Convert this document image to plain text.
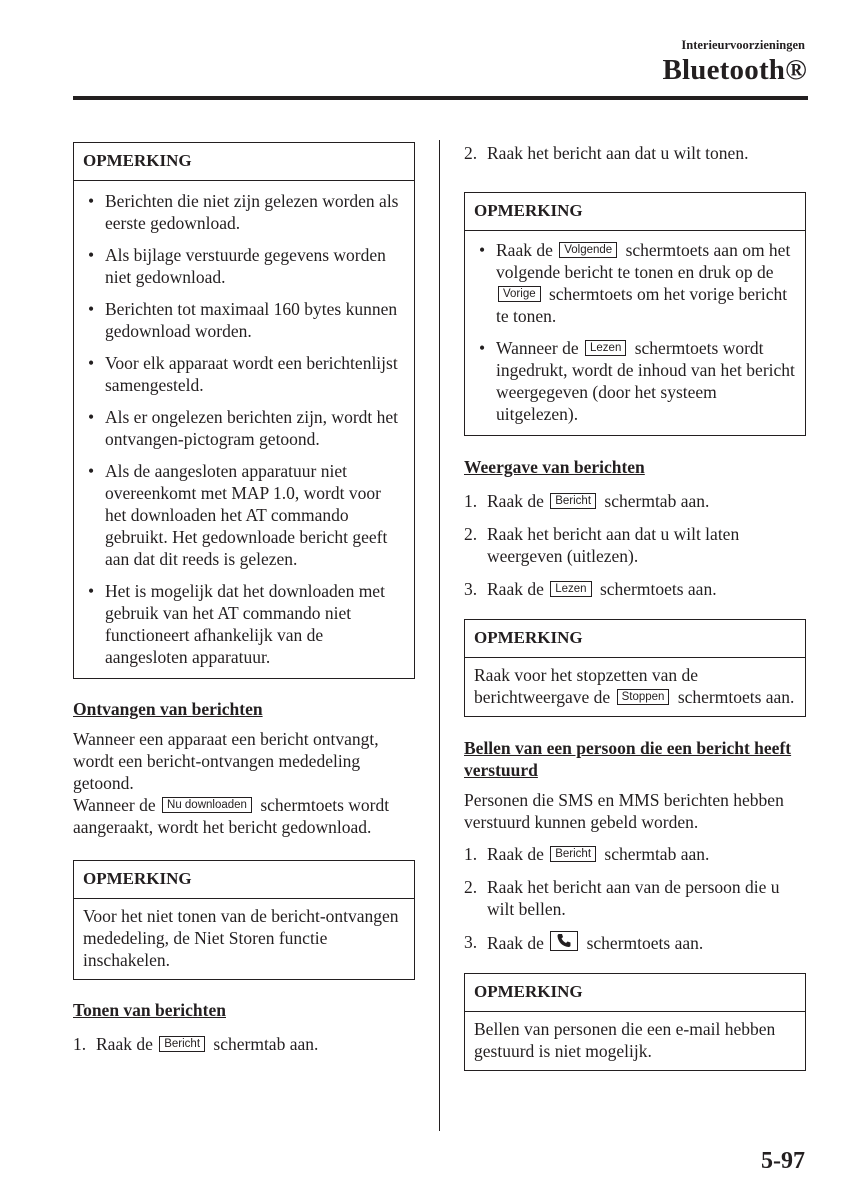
Interieurvoorzieningen
Bluetooth®
OPMERKING
• Berichten die niet zijn gelezen worden als eerste gedownload.
• Als bijlage verstuurde gegevens worden niet gedownload.
• Berichten tot maximaal 160 bytes kunnen gedownload worden.
• Voor elk apparaat wordt een berichtenlijst samengesteld.
• Als er ongelezen berichten zijn, wordt het ontvangen-pictogram getoond.
• Als de aangesloten apparatuur niet overeenkomt met MAP 1.0, wordt voor het downloaden het AT commando gebruikt. Het gedownloade bericht geeft aan dat dit reeds is gelezen.
• Het is mogelijk dat het downloaden met gebruik van het AT commando niet functioneert afhankelijk van de aangesloten apparatuur.
Ontvangen van berichten
Wanneer een apparaat een bericht ontvangt, wordt een bericht-ontvangen mededeling getoond.
Wanneer de Nu downloaden schermtoets wordt aangeraakt, wordt het bericht gedownload.
OPMERKING
Voor het niet tonen van de bericht-ontvangen mededeling, de Niet Storen functie inschakelen.
Tonen van berichten
1. Raak de Bericht schermtab aan.
2. Raak het bericht aan dat u wilt tonen.
OPMERKING
• Raak de Volgende schermtoets aan om het volgende bericht te tonen en druk op de Vorige schermtoets om het vorige bericht te tonen.
• Wanneer de Lezen schermtoets wordt ingedrukt, wordt de inhoud van het bericht weergegeven (door het systeem uitgelezen).
Weergave van berichten
1. Raak de Bericht schermtab aan.
2. Raak het bericht aan dat u wilt laten weergeven (uitlezen).
3. Raak de Lezen schermtoets aan.
OPMERKING
Raak voor het stopzetten van de berichtweergave de Stoppen schermtoets aan.
Bellen van een persoon die een bericht heeft verstuurd
Personen die SMS en MMS berichten hebben verstuurd kunnen gebeld worden.
1. Raak de Bericht schermtab aan.
2. Raak het bericht aan van de persoon die u wilt bellen.
3. Raak de schermtoets aan.
OPMERKING
Bellen van personen die een e-mail hebben gestuurd is niet mogelijk.
5-97
